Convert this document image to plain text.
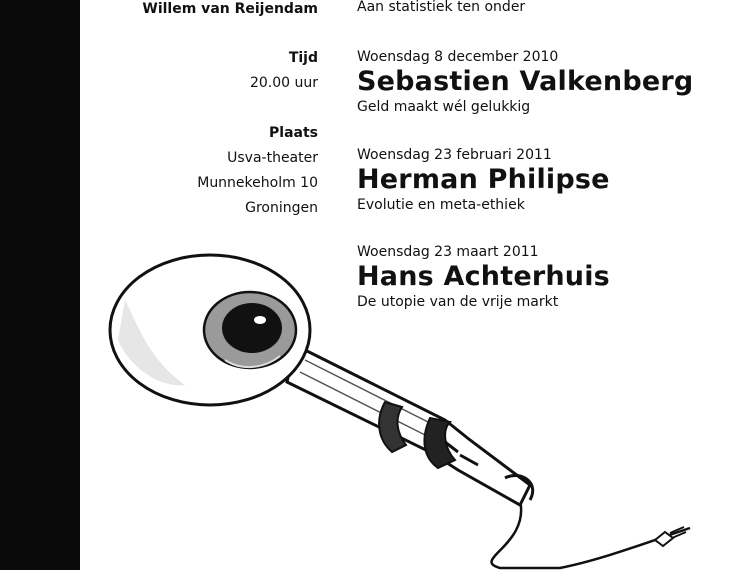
Willem van Reijendam
Tijd
20.00 uur
Plaats
Usva-theater
Munnekeholm 10
Groningen
Aan statistiek ten onder
Woensdag 8 december 2010
Sebastien Valkenberg
Geld maakt wél gelukkig
Woensdag 23 februari 2011
Herman Philipse
Evolutie en meta-ethiek
Woensdag 23 maart 2011
Hans Achterhuis
De utopie van de vrije markt
